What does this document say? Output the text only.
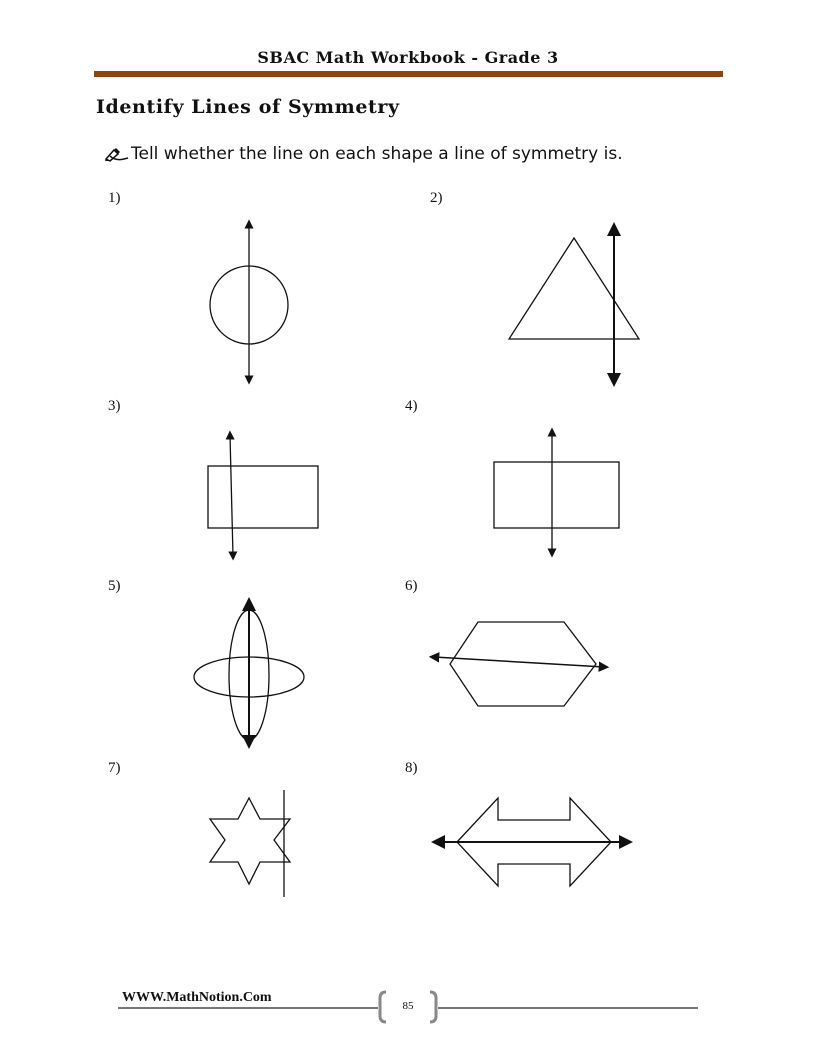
SBAC Math Workbook - Grade 3
Identify Lines of Symmetry
Tell whether the line on each shape a line of symmetry is.
1)	2)
3)	4)
5)	6)
7)	8)
WWW.MathNotion.Com
85
